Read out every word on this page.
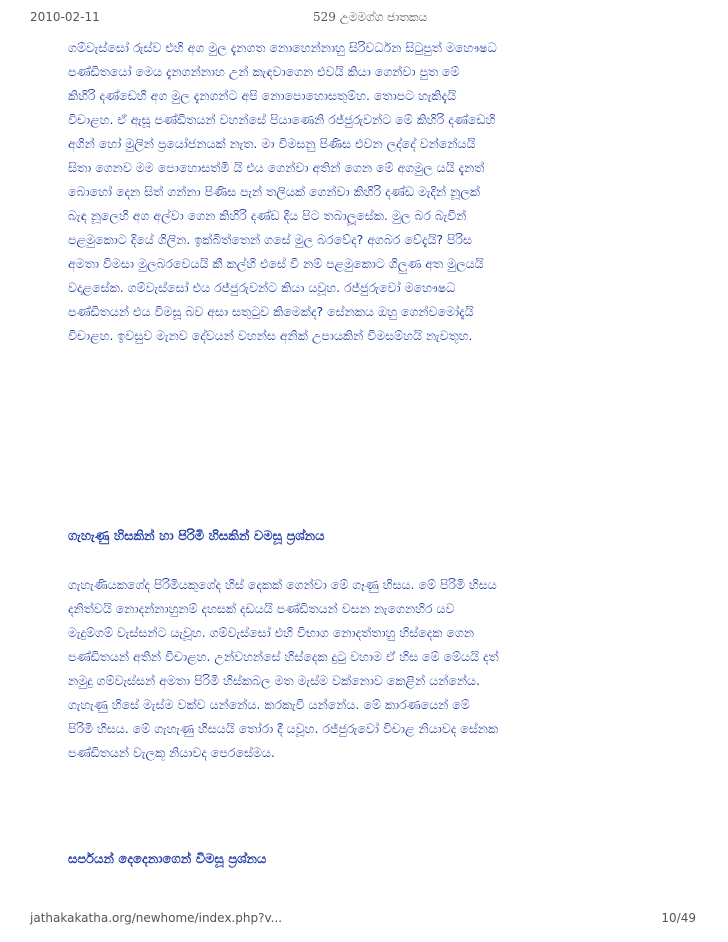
2010-02-11	529 උමමග්ග ජාතකය
ගම්වැස්සෝ රුස්ව එහි අග මුල දැනගත නොහෙන්නාහු සිරිවර්ධන සිටුපුත් මහෞෂධ
පණ්ඩිතයෝ මෙය දැනගන්නාහ උන් කැඳවාගෙන එවයි කියා ගෙන්වා පුත මේ
කිහිරි දණ්ඩෙහි අග මුල දැනගන්ට අපි නොපොහොසතුම්හ. තොපට හැකිදැයි
විචාළහ. ඒ ඇසූ පණ්ඩිතයන් වහන්සේ පියාණෙනි රජ්ජුරුවන්ට මේ කිහිරි දණ්ඩෙහි
අගින් හෝ මුලින් ප්‍රයෝජනයක් නැත. මා විමසනු පිණිස එවන ලද්දේ වන්නේයයි
සිතා ගෙනව මම පොහොසත්මි යි එය ගෙන්වා අතින් ගෙන මේ අගමුල යයි දැනත්
බොහෝ දෙන සිත් ගන්නා පිණිස පැන් තලියක් ගෙන්වා කිහිරි දණ්ඩ මැදින් නූලක්
බැඳ නූලෙහි අග අල්වා ගෙන කිහිරි දණ්ඩ දිය පිට තබාලූසේක. මුල බර බැවින්
පළමුකොට දියේ ගිලින. ඉක්බිත්තෙන් ගසේ මුල බරවේද? අගබර වේදැයි? පිරිස
අමතා විමසා මුලබරවෙයයි කී කල්හි එසේ වී නම් පළමුකොට ගිලුණ අත මුලයයි
වදාළසේක. ගම්වැස්සෝ එය රජ්ජුරුවන්ට කියා යවූහ. රජ්ජුරුවෝ මහෞෂධ
පණ්ඩිතයන් එය විමසූ බව අසා සතුටුව කිමෙක්ද? සේනකය ඔහු ගෙන්වමෝදැයි
විචාළහ. ඉවසුව මැනව දේවයන් වහන්ස අනික් උපායකින් විමසම්හයි නැවතූහ.
ගැහැණු හිසකින් හා පිරිමි හිසකින් වමසූ ප්‍රශ්නය
ගැහැණියකගේද පිරිමියකුගේද හිස් දෙකක් ගෙන්වා මේ ගෑණු හිසය. මේ පිරිමි හිසය
දනිත්වයි නොදන්නාහුනම් දහසක් දඩයයි පණ්ඩිතයන් වසන නැගෙනහිර යව
මැදුම්ගම් වැස්සන්ට යැවූහ. ගම්වැස්සෝ එහි විභාග නොදත්තාහු හිස්දෙක ගෙන
පණ්ඩිතයන් අතින් විචාළහ. උන්වහන්සේ හිස්දෙක දුටු වහාම ඒ හිස මේ මේයයි දත්
නමුදු ගම්වැස්සන් අමතා පිරිමි හිස්කබල මත මැස්ම වක්නොව කෙළින් යන්නේය.
ගැහැණු හිසේ මැස්ම වක්ව යන්නේය. කරකැවී යන්නේය. මේ කාරණයෙන් මේ
පිරිමි හිසය. මේ ගැහැණු හිසයයි තෝරා දී යවූහ. රජ්ජුරුවෝ විචාළ නියාවද සේනක
පණ්ඩිතයන් වැලකූ නියාවද පෙරසේමය.
සර්පයන් දෙදෙනාගෙන් විමසූ ප්‍රශ්නය
jathakakatha.org/newhome/index.php?v...	10/49
